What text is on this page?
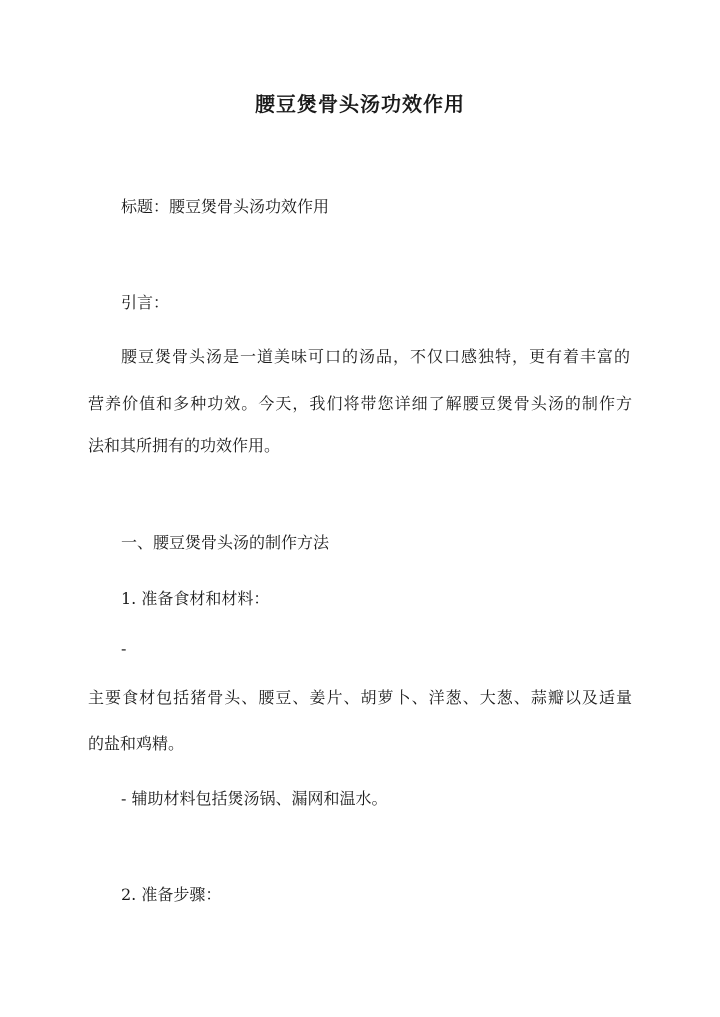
腰豆煲骨头汤功效作用
标题：腰豆煲骨头汤功效作用
引言：
腰豆煲骨头汤是一道美味可口的汤品，不仅口感独特，更有着丰富的
营养价值和多种功效。今天，我们将带您详细了解腰豆煲骨头汤的制作方
法和其所拥有的功效作用。
一、腰豆煲骨头汤的制作方法
1. 准备食材和材料：
-
主要食材包括猪骨头、腰豆、姜片、胡萝卜、洋葱、大葱、蒜瓣以及适量
的盐和鸡精。
- 辅助材料包括煲汤锅、漏网和温水。
2. 准备步骤：
